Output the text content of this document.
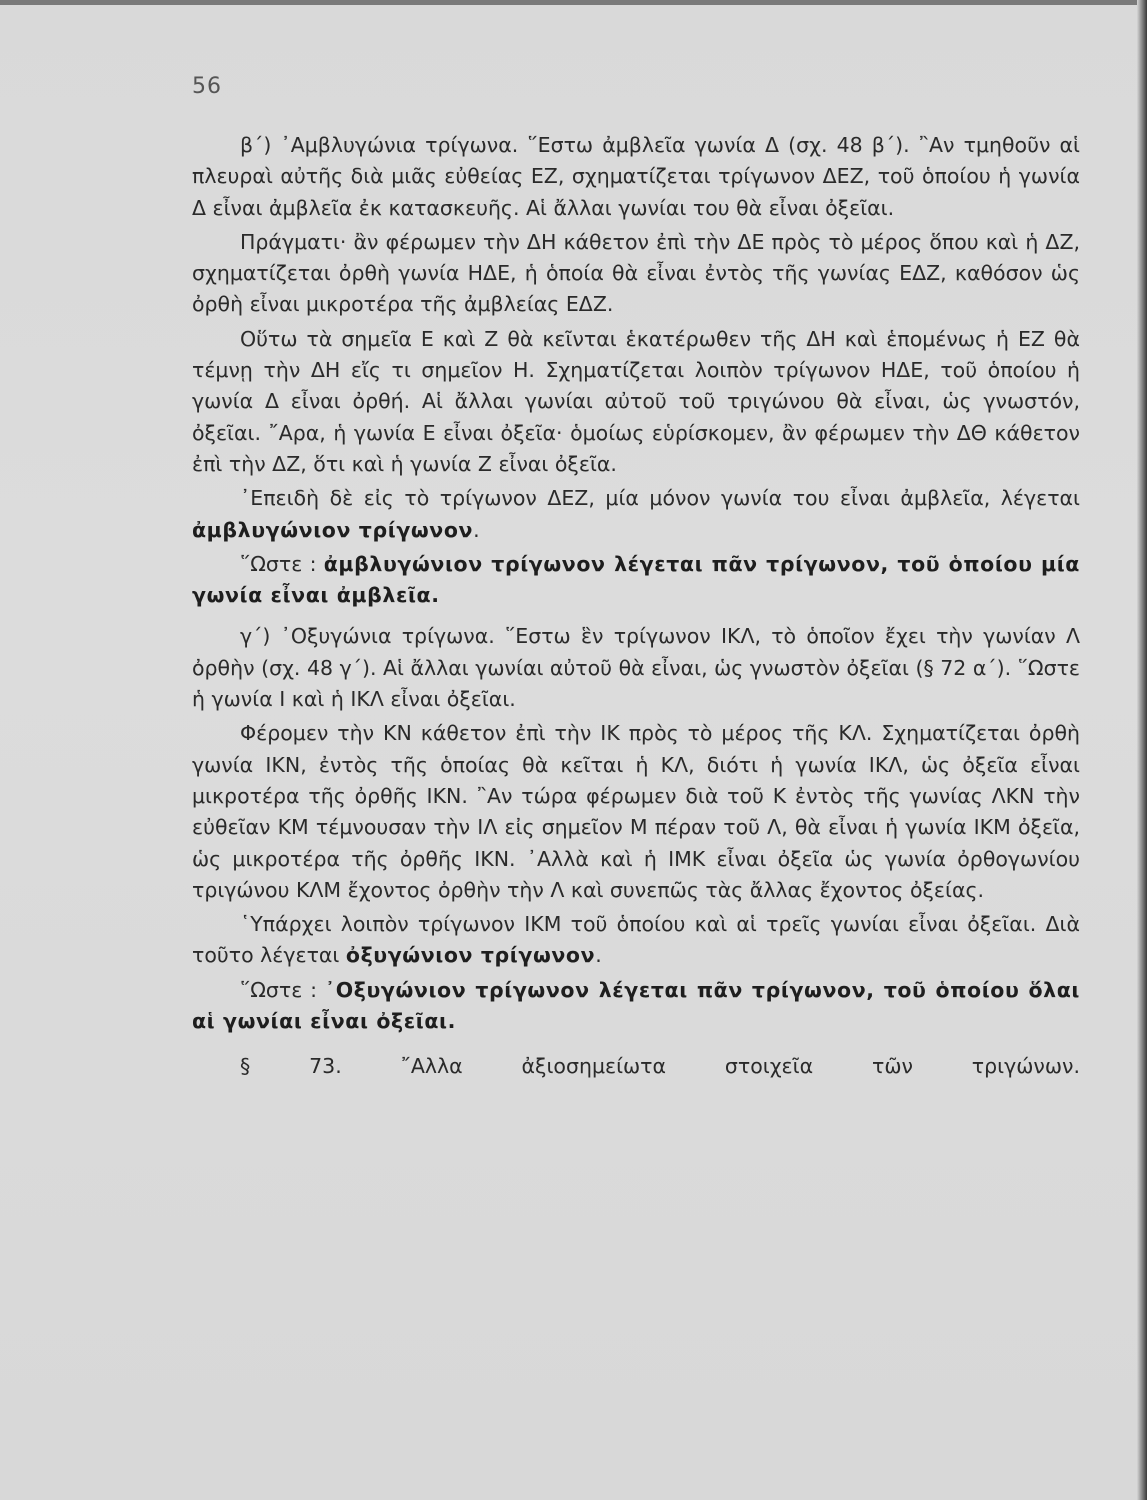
56

β΄) ᾿Αμβλυγώνια τρίγωνα. ῞Εστω ἀμβλεῖα γωνία Δ (σχ. 48 β΄). ῍Αν τμηθοῦν αἱ πλευραὶ αὐτῆς διὰ μιᾶς εὐθείας ΕΖ, σχηματίζεται τρίγωνον ΔΕΖ, τοῦ ὁποίου ἡ γωνία Δ εἶναι ἀμβλεῖα ἐκ κατασκευῆς. Αἱ ἄλλαι γωνίαι του θὰ εἶναι ὀξεῖαι.

Πράγματι· ἂν φέρωμεν τὴν ΔΗ κάθετον ἐπὶ τὴν ΔΕ πρὸς τὸ μέρος ὅπου καὶ ἡ ΔΖ, σχηματίζεται ὀρθὴ γωνία ΗΔΕ, ἡ ὁποία θὰ εἶναι ἐντὸς τῆς γωνίας ΕΔΖ, καθόσον ὡς ὀρθὴ εἶναι μικροτέρα τῆς ἀμβλείας ΕΔΖ.

Οὕτω τὰ σημεῖα Ε καὶ Ζ θὰ κεῖνται ἑκατέρωθεν τῆς ΔΗ καὶ ἑπομένως ἡ ΕΖ θὰ τέμνῃ τὴν ΔΗ εἴς τι σημεῖον Η. Σχηματίζεται λοιπὸν τρίγωνον ΗΔΕ, τοῦ ὁποίου ἡ γωνία Δ εἶναι ὀρθή. Αἱ ἄλλαι γωνίαι αὐτοῦ τοῦ τριγώνου θὰ εἶναι, ὡς γνωστόν, ὀξεῖαι. ῎Αρα, ἡ γωνία Ε εἶναι ὀξεῖα· ὁμοίως εὑρίσκομεν, ἂν φέρωμεν τὴν ΔΘ κάθετον ἐπὶ τὴν ΔΖ, ὅτι καὶ ἡ γωνία Ζ εἶναι ὀξεῖα.

᾿Επειδὴ δὲ εἰς τὸ τρίγωνον ΔΕΖ, μία μόνον γωνία του εἶναι ἀμβλεῖα, λέγεται ἀμβλυγώνιον τρίγωνον.

῞Ωστε : ἀμβλυγώνιον τρίγωνον λέγεται πᾶν τρίγωνον, τοῦ ὁποίου μία γωνία εἶναι ἀμβλεῖα.

γ΄) ᾿Οξυγώνια τρίγωνα. ῞Εστω ἓν τρίγωνον ΙΚΛ, τὸ ὁποῖον ἔχει τὴν γωνίαν Λ ὀρθὴν (σχ. 48 γ΄). Αἱ ἄλλαι γωνίαι αὐτοῦ θὰ εἶναι, ὡς γνωστὸν ὀξεῖαι (§ 72 α΄). ῞Ωστε ἡ γωνία Ι καὶ ἡ ΙΚΛ εἶναι ὀξεῖαι.

Φέρομεν τὴν ΚΝ κάθετον ἐπὶ τὴν ΙΚ πρὸς τὸ μέρος τῆς ΚΛ. Σχηματίζεται ὀρθὴ γωνία ΙΚΝ, ἐντὸς τῆς ὁποίας θὰ κεῖται ἡ ΚΛ, διότι ἡ γωνία ΙΚΛ, ὡς ὀξεῖα εἶναι μικροτέρα τῆς ὀρθῆς ΙΚΝ. ῍Αν τώρα φέρωμεν διὰ τοῦ Κ ἐντὸς τῆς γωνίας ΛΚΝ τὴν εὐθεῖαν ΚΜ τέμνουσαν τὴν ΙΛ εἰς σημεῖον Μ πέραν τοῦ Λ, θὰ εἶναι ἡ γωνία ΙΚΜ ὀξεῖα, ὡς μικροτέρα τῆς ὀρθῆς ΙΚΝ. ᾿Αλλὰ καὶ ἡ ΙΜΚ εἶναι ὀξεῖα ὡς γωνία ὀρθογωνίου τριγώνου ΚΛΜ ἔχοντος ὀρθὴν τὴν Λ καὶ συνεπῶς τὰς ἄλλας ἔχοντος ὀξείας.

῾Υπάρχει λοιπὸν τρίγωνον ΙΚΜ τοῦ ὁποίου καὶ αἱ τρεῖς γωνίαι εἶναι ὀξεῖαι. Διὰ τοῦτο λέγεται ὀξυγώνιον τρίγωνον.

῞Ωστε : ᾿Οξυγώνιον τρίγωνον λέγεται πᾶν τρίγωνον, τοῦ ὁποίου ὅλαι αἱ γωνίαι εἶναι ὀξεῖαι.

§ 73. ῎Αλλα ἀξιοσημείωτα στοιχεῖα τῶν τριγώνων.
